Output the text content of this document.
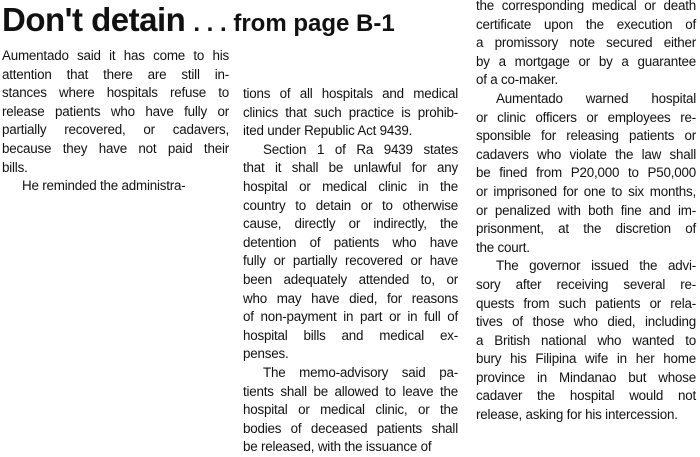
Don't detain . . . from page B-1

Aumentado said it has come to his
attention that there are still in-
stances where hospitals refuse to
release patients who have fully or
partially recovered, or cadavers,
because they have not paid their
bills.

He reminded the administra-

tions of all hospitals and medical
clinics that such practice is prohib-
ited under Republic Act 9439.

Section 1 of Ra 9439 states
that it shall be unlawful for any
hospital or medical clinic in the
country to detain or to otherwise
cause, directly or indirectly, the
detention of patients who have
fully or partially recovered or have
been adequately attended to, or
who may have died, for reasons
of non-payment in part or in full of
hospital bills and medical ex-
penses.

The memo-advisory said pa-
tients shall be allowed to leave the
hospital or medical clinic, or the
bodies of deceased patients shall
be released, with the issuance of

the corresponding medical or death
certificate upon the execution of
a promissory note secured either
by a mortgage or by a guarantee
of a co-maker.

Aumentado warned hospital
or clinic officers or employees re-
sponsible for releasing patients or
cadavers who violate the law shall
be fined from P20,000 to P50,000
or imprisoned for one to six months,
or penalized with both fine and im-
prisonment, at the discretion of
the court.

The governor issued the advi-
sory after receiving several re-
quests from such patients or rela-
tives of those who died, including
a British national who wanted to
bury his Filipina wife in her home
province in Mindanao but whose
cadaver the hospital would not
release, asking for his intercession.
